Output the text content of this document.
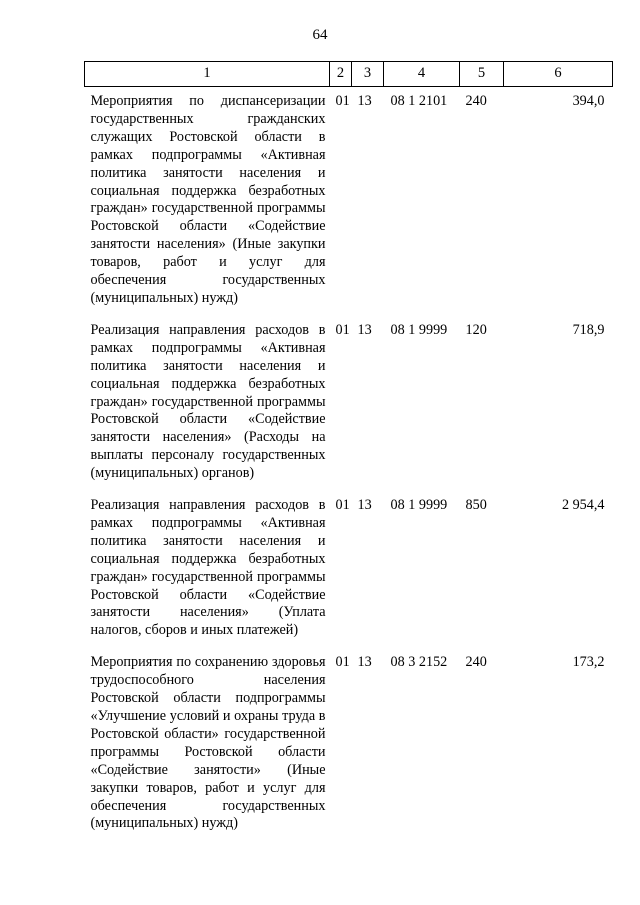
64
1	2	3	4	5	6
Мероприятия по диспансеризации государственных гражданских служащих Ростовской области в рамках подпрограммы «Активная политика занятости населения и социальная поддержка безработных граждан» государственной программы Ростовской области «Содействие занятости населения» (Иные закупки товаров, работ и услуг для обеспечения государственных (муниципальных) нужд)	01	13	08 1 2101	240	394,0
Реализация направления расходов в рамках подпрограммы «Активная политика занятости населения и социальная поддержка безработных граждан» государственной программы Ростовской области «Содействие занятости населения» (Расходы на выплаты персоналу государственных (муниципальных) органов)	01	13	08 1 9999	120	718,9
Реализация направления расходов в рамках подпрограммы «Активная политика занятости населения и социальная поддержка безработных граждан» государственной программы Ростовской области «Содействие занятости населения» (Уплата налогов, сборов и иных платежей)	01	13	08 1 9999	850	2 954,4
Мероприятия по сохранению здоровья трудоспособного населения Ростовской области подпрограммы «Улучшение условий и охраны труда в Ростовской области» государственной программы Ростовской области «Содействие занятости» (Иные закупки товаров, работ и услуг для обеспечения государственных (муниципальных) нужд)	01	13	08 3 2152	240	173,2
